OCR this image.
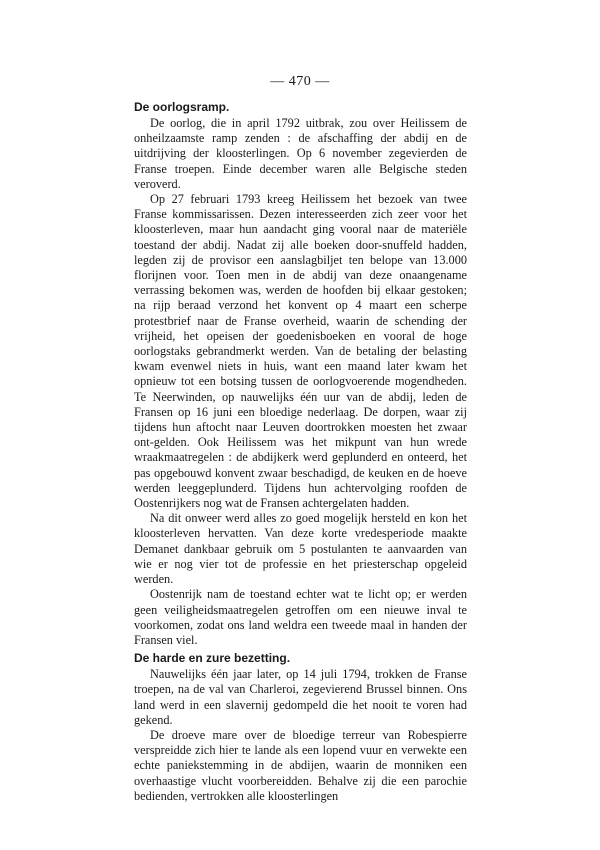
— 470 —
De oorlogsramp.

De oorlog, die in april 1792 uitbrak, zou over Heilissem de onheilzaamste ramp zenden : de afschaffing der abdij en de uitdrijving der kloosterlingen. Op 6 november zegevierden de Franse troepen. Einde december waren alle Belgische steden veroverd.

Op 27 februari 1793 kreeg Heilissem het bezoek van twee Franse kommissarissen. Dezen interesseerden zich zeer voor het kloosterleven, maar hun aandacht ging vooral naar de materiële toestand der abdij. Nadat zij alle boeken door-snuffeld hadden, legden zij de provisor een aanslagbiljet ten belope van 13.000 florijnen voor. Toen men in de abdij van deze onaangename verrassing bekomen was, werden de hoofden bij elkaar gestoken; na rijp beraad verzond het konvent op 4 maart een scherpe protestbrief naar de Franse overheid, waarin de schending der vrijheid, het opeisen der goedenisboeken en vooral de hoge oorlogstaks gebrandmerkt werden. Van de betaling der belasting kwam evenwel niets in huis, want een maand later kwam het opnieuw tot een botsing tussen de oorlogvoerende mogendheden. Te Neerwinden, op nauwelijks één uur van de abdij, leden de Fransen op 16 juni een bloedige nederlaag. De dorpen, waar zij tijdens hun aftocht naar Leuven doortrokken moesten het zwaar ont-gelden. Ook Heilissem was het mikpunt van hun wrede wraakmaatregelen : de abdijkerk werd geplunderd en onteerd, het pas opgebouwd konvent zwaar beschadigd, de keuken en de hoeve werden leeggeplunderd. Tijdens hun achtervolging roofden de Oostenrijkers nog wat de Fransen achtergelaten hadden.

Na dit onweer werd alles zo goed mogelijk hersteld en kon het kloosterleven hervatten. Van deze korte vredesperiode maakte Demanet dankbaar gebruik om 5 postulanten te aanvaarden van wie er nog vier tot de professie en het priesterschap opgeleid werden.

Oostenrijk nam de toestand echter wat te licht op; er werden geen veiligheidsmaatregelen getroffen om een nieuwe inval te voorkomen, zodat ons land weldra een tweede maal in handen der Fransen viel.

De harde en zure bezetting.

Nauwelijks één jaar later, op 14 juli 1794, trokken de Franse troepen, na de val van Charleroi, zegevierend Brussel binnen. Ons land werd in een slavernij gedompeld die het nooit te voren had gekend.

De droeve mare over de bloedige terreur van Robespierre verspreidde zich hier te lande als een lopend vuur en verwekte een echte paniekstemming in de abdijen, waarin de monniken een overhaastige vlucht voorbereidden. Behalve zij die een parochie bedienden, vertrokken alle kloosterlingen
